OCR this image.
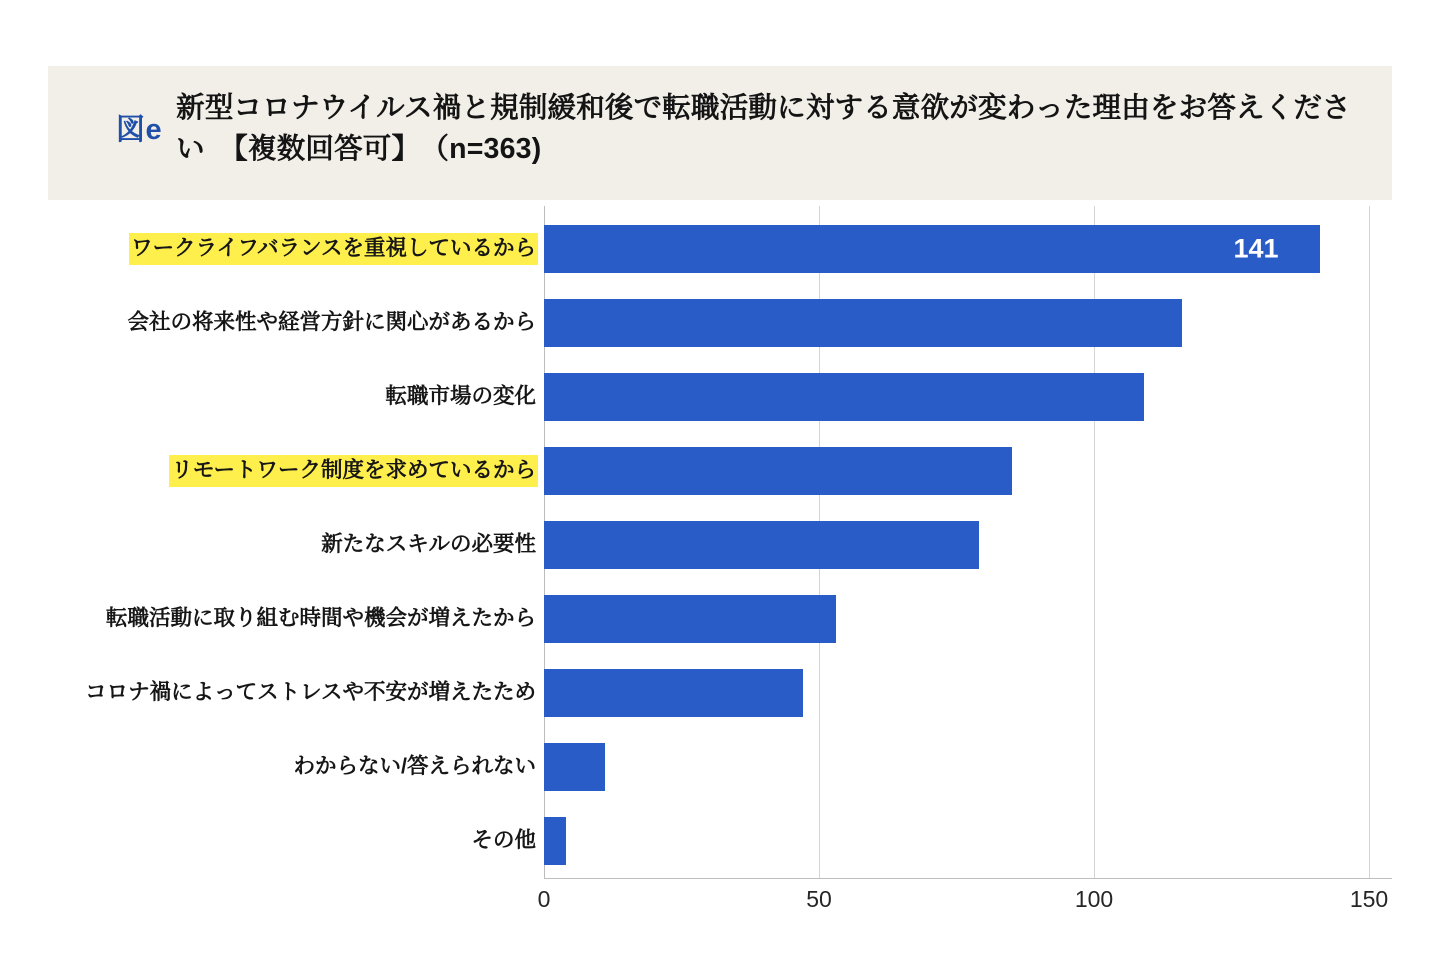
図e
新型コロナウイルス禍と規制緩和後で転職活動に対する意欲が変わった理由をお答えください　【複数回答可】　（n=363)
ワークライフバランスを重視しているから	141
会社の将来性や経営方針に関心があるから
転職市場の変化
リモートワーク制度を求めているから
新たなスキルの必要性
転職活動に取り組む時間や機会が増えたから
コロナ禍によってストレスや不安が増えたため
わからない/答えられない
その他
0	50	100	150
